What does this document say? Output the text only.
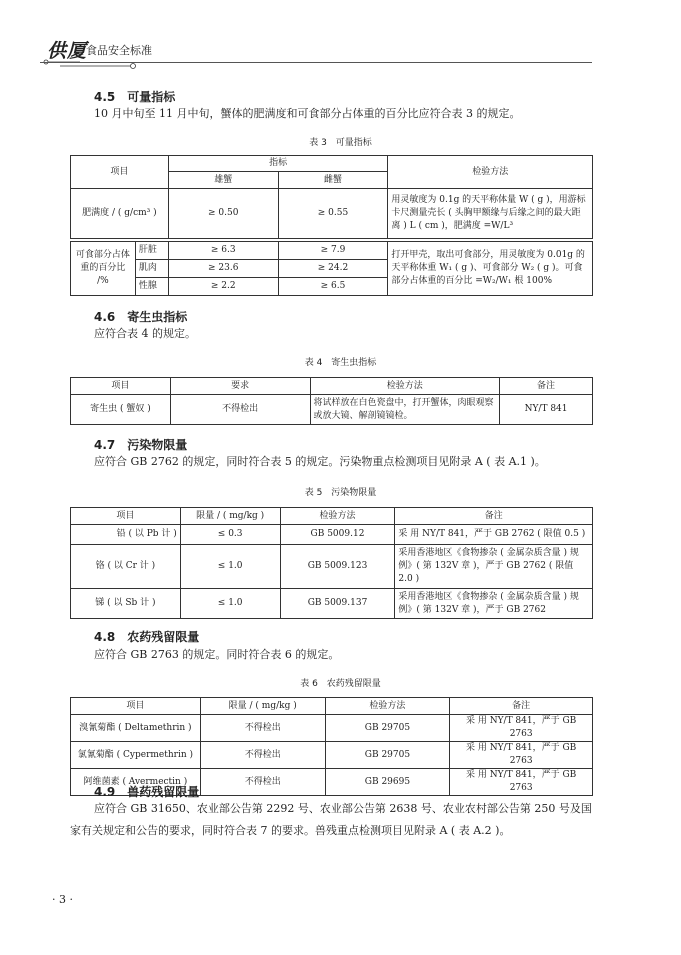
供厦
食品安全标准
4.5　可量指标

10 月中旬至 11 月中旬，蟹体的肥满度和可食部分占体重的百分比应符合表 3 的规定。

表 3　可量指标
项目	指标		检验方法
	雄蟹	雌蟹	
肥满度 / ( g/cm³ )	≥ 0.50	≥ 0.55	用灵敏度为 0.1g 的天平称体量 W ( g )，用游标卡尺测量壳长 ( 头胸甲额缘与后缘之间的最大距离 ) L ( cm )，肥满度 =W/L³
可食部分占体重的百分比 /%	肝脏	≥ 6.3	≥ 7.9	打开甲壳，取出可食部分，用灵敏度为 0.01g 的天平称体重 W₁ ( g )、可食部分 W₂ ( g )。可食部分占体重的百分比 =W₂/W₁ 根 100%
	肌肉	≥ 23.6	≥ 24.2	
	性腺	≥ 2.2	≥ 6.5	
4.6　寄生虫指标

应符合表 4 的规定。

表 4　寄生虫指标
项目	要求	检验方法	备注
寄生虫 ( 蟹奴 )	不得检出	将试样放在白色瓷盘中，打开蟹体，肉眼观察或放大镜、解剖镜镜检。	NY/T 841
4.7　污染物限量

应符合 GB 2762 的规定，同时符合表 5 的规定。污染物重点检测项目见附录 A ( 表 A.1 )。

表 5　污染物限量
项目	限量 / ( mg/kg )	检验方法	备注
铅 ( 以 Pb 计 )	≤ 0.3	GB 5009.12	采 用 NY/T 841，严于 GB 2762 ( 限值 0.5 )
铬 ( 以 Cr 计 )	≤ 1.0	GB 5009.123	采用香港地区《食物掺杂 ( 金属杂质含量 ) 规例》( 第 132V 章 )，严于 GB 2762 ( 限值 2.0 )
锑 ( 以 Sb 计 )	≤ 1.0	GB 5009.137	采用香港地区《食物掺杂 ( 金属杂质含量 ) 规例》( 第 132V 章 )，严于 GB 2762
4.8　农药残留限量

应符合 GB 2763 的规定。同时符合表 6 的规定。

表 6　农药残留限量
项目	限量 / ( mg/kg )	检验方法	备注
溴氰菊酯 ( Deltamethrin )	不得检出	GB 29705	采 用 NY/T 841，严于 GB 2763
氯氰菊酯 ( Cypermethrin )	不得检出	GB 29705	采 用 NY/T 841，严于 GB 2763
阿维菌素 ( Avermectin )	不得检出	GB 29695	采 用 NY/T 841，严于 GB 2763
4.9　兽药残留限量

应符合 GB 31650、农业部公告第 2292 号、农业部公告第 2638 号、农业农村部公告第 250 号及国

家有关规定和公告的要求，同时符合表 7 的要求。兽残重点检测项目见附录 A ( 表 A.2 )。

· 3 ·
